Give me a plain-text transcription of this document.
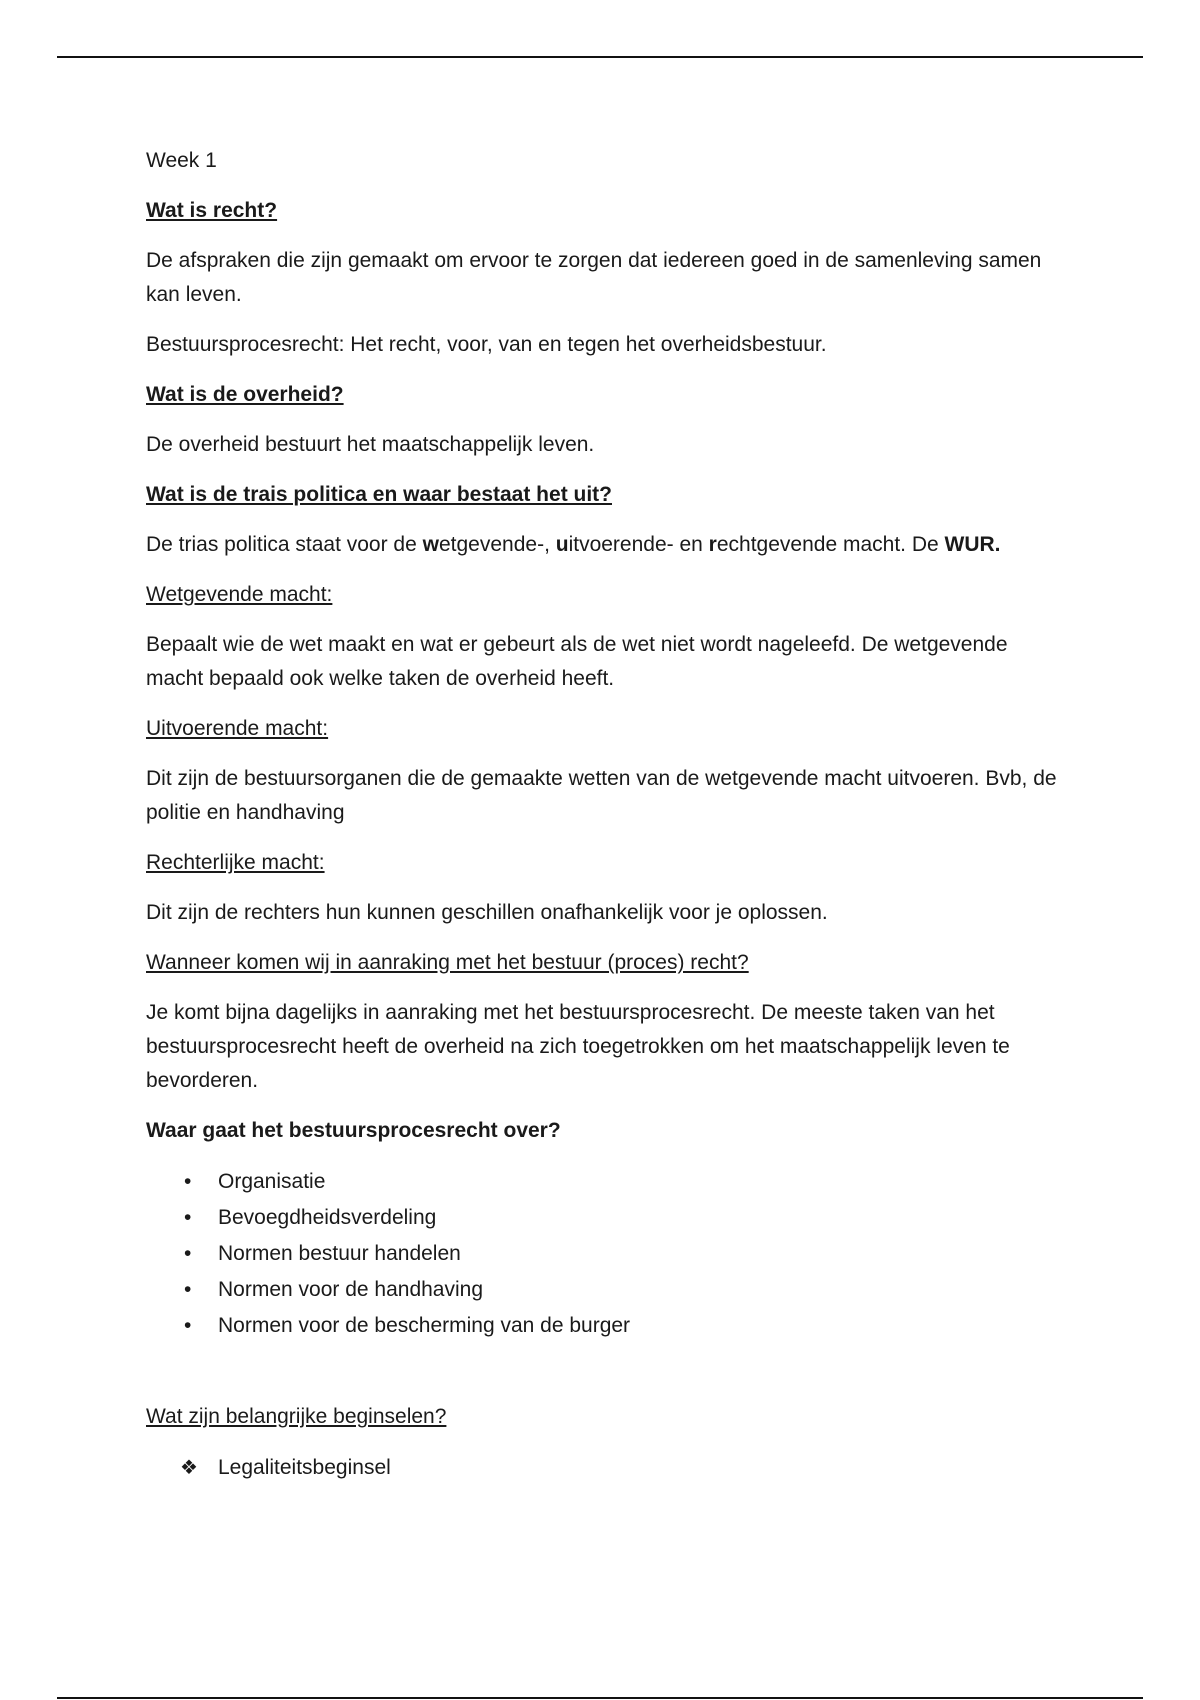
Week 1

Wat is recht?

De afspraken die zijn gemaakt om ervoor te zorgen dat iedereen goed in de samenleving samen kan leven.

Bestuursprocesrecht: Het recht, voor, van en tegen het overheidsbestuur.

Wat is de overheid?

De overheid bestuurt het maatschappelijk leven.

Wat is de trais politica en waar bestaat het uit?

De trias politica staat voor de wetgevende-, uitvoerende- en rechtgevende macht. De WUR.

Wetgevende macht:

Bepaalt wie de wet maakt en wat er gebeurt als de wet niet wordt nageleefd. De wetgevende macht bepaald ook welke taken de overheid heeft.

Uitvoerende macht:

Dit zijn de bestuursorganen die de gemaakte wetten van de wetgevende macht uitvoeren. Bvb, de politie en handhaving

Rechterlijke macht:

Dit zijn de rechters hun kunnen geschillen onafhankelijk voor je oplossen.

Wanneer komen wij in aanraking met het bestuur (proces) recht?

Je komt bijna dagelijks in aanraking met het bestuursprocesrecht. De meeste taken van het bestuursprocesrecht heeft de overheid na zich toegetrokken om het maatschappelijk leven te bevorderen.

Waar gaat het bestuursprocesrecht over?

• Organisatie
• Bevoegdheidsverdeling
• Normen bestuur handelen
• Normen voor de handhaving
• Normen voor de bescherming van de burger

Wat zijn belangrijke beginselen?

❖ Legaliteitsbeginsel
